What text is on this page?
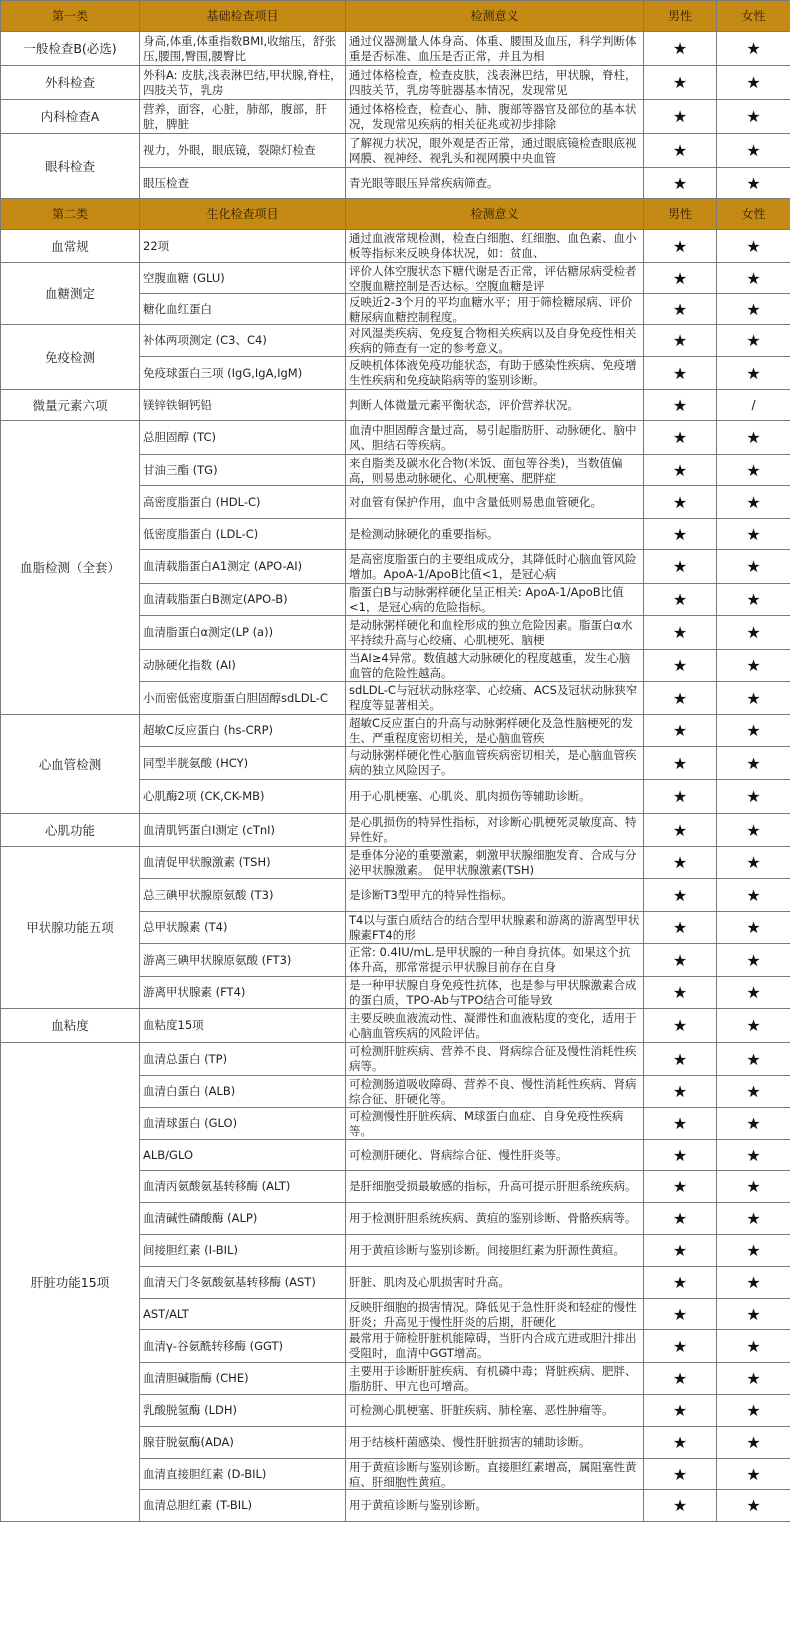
第一类	基础检查项目	检测意义	男性	女性
一般检查B(必选)	身高,体重,体重指数BMI,收缩压，舒张压,腰围,臀围,腰臀比	通过仪器测量人体身高、体重、腰围及血压，科学判断体重是否标准、血压是否正常，并且为相	★	★
外科检查	外科A: 皮肤,浅表淋巴结,甲状腺,脊柱，四肢关节，乳房	通过体格检查，检查皮肤，浅表淋巴结，甲状腺，脊柱，四肢关节，乳房等脏器基本情况，发现常见	★	★
内科检查A	营养，面容，心脏，肺部，腹部，肝脏，脾脏	通过体格检查，检查心、肺、腹部等器官及部位的基本状况，发现常见疾病的相关征兆或初步排除	★	★
眼科检查	视力，外眼，眼底镜，裂隙灯检查	了解视力状况，眼外观是否正常，通过眼底镜检查眼底视网膜、视神经、视乳头和视网膜中央血管	★	★

	眼压检查	青光眼等眼压异常疾病筛查。	★	★
第二类	生化检查项目	检测意义	男性	女性
血常规	22项	通过血液常规检测，检查白细胞、红细胞、血色素、血小板等指标来反映身体状况，如：贫血、	★	★
血糖测定	空腹血糖 (GLU)	评价人体空腹状态下糖代谢是否正常，评估糖尿病受检者空腹血糖控制是否达标。空腹血糖是评	★	★

	糖化血红蛋白	反映近2-3个月的平均血糖水平；用于筛检糖尿病、评价糖尿病血糖控制程度。	★	★
免疫检测	补体两项测定 (C3、C4)	对风湿类疾病、免疫复合物相关疾病以及自身免疫性相关疾病的筛查有一定的参考意义。	★	★

	免疫球蛋白三项 (IgG,IgA,IgM)	反映机体体液免疫功能状态，有助于感染性疾病、免疫增生性疾病和免疫缺陷病等的鉴别诊断。	★	★
微量元素六项	镁锌铁铜钙铅	判断人体微量元素平衡状态，评价营养状况。	★	/
血脂检测（全套）	总胆固醇 (TC)	血清中胆固醇含量过高，易引起脂肪肝、动脉硬化、脑中风、胆结石等疾病。	★	★

	甘油三酯 (TG)	来自脂类及碳水化合物(米饭、面包等谷类)，当数值偏高，则易患动脉硬化、心肌梗塞、肥胖症	★	★

	高密度脂蛋白 (HDL-C)	对血管有保护作用，血中含量低则易患血管硬化。	★	★

	低密度脂蛋白 (LDL-C)	是检测动脉硬化的重要指标。	★	★

	血清载脂蛋白A1测定 (APO-AI)	是高密度脂蛋白的主要组成成分，其降低时心脑血管风险增加。ApoA-1/ApoB比值<1，是冠心病	★	★

	血清载脂蛋白B测定(APO-B)	脂蛋白B与动脉粥样硬化呈正相关: ApoA-1/ApoB比值<1，是冠心病的危险指标。	★	★

	血清脂蛋白α测定(LP (a))	是动脉粥样硬化和血栓形成的独立危险因素。脂蛋白α水平持续升高与心绞痛、心肌梗死、脑梗	★	★

	动脉硬化指数 (AI)	当AI≥4异常。数值越大动脉硬化的程度越重，发生心脑血管的危险性越高。	★	★

	小而密低密度脂蛋白胆固醇sdLDL-C	sdLDL-C与冠状动脉痉挛、心绞痛、ACS及冠状动脉狭窄程度等显著相关。	★	★
心血管检测	超敏C反应蛋白 (hs-CRP)	超敏C反应蛋白的升高与动脉粥样硬化及急性脑梗死的发生、严重程度密切相关，是心脑血管疾	★	★

	同型半胱氨酸 (HCY)	与动脉粥样硬化性心脑血管疾病密切相关，是心脑血管疾病的独立风险因子。	★	★

	心肌酶2项 (CK,CK-MB)	用于心肌梗塞、心肌炎、肌肉损伤等辅助诊断。	★	★
心肌功能	血清肌钙蛋白I测定 (cTnI)	是心肌损伤的特异性指标，对诊断心肌梗死灵敏度高、特异性好。	★	★
甲状腺功能五项	血清促甲状腺激素 (TSH)	是垂体分泌的重要激素，刺激甲状腺细胞发育、合成与分泌甲状腺激素。 促甲状腺激素(TSH)	★	★

	总三碘甲状腺原氨酸 (T3)	是诊断T3型甲亢的特异性指标。	★	★

	总甲状腺素 (T4)	T4以与蛋白质结合的结合型甲状腺素和游离的游离型甲状腺素FT4的形	★	★

	游离三碘甲状腺原氨酸 (FT3)	正常: 0.4IU/mL.是甲状腺的一种自身抗体。如果这个抗体升高，那常常提示甲状腺目前存在自身	★	★

	游离甲状腺素 (FT4)	是一种甲状腺自身免疫性抗体，也是参与甲状腺激素合成的蛋白质，TPO-Ab与TPO结合可能导致	★	★
血粘度	血粘度15项	主要反映血液流动性、凝滞性和血液粘度的变化，适用于心脑血管疾病的风险评估。	★	★
肝脏功能15项	血清总蛋白 (TP)	可检测肝脏疾病、营养不良、肾病综合征及慢性消耗性疾病等。	★	★

	血清白蛋白 (ALB)	可检测肠道吸收障碍、营养不良、慢性消耗性疾病、肾病综合征、肝硬化等。	★	★

	血清球蛋白 (GLO)	可检测慢性肝脏疾病、M球蛋白血症、自身免疫性疾病等。	★	★

	ALB/GLO	可检测肝硬化、肾病综合征、慢性肝炎等。	★	★

	血清丙氨酸氨基转移酶 (ALT)	是肝细胞受损最敏感的指标，升高可提示肝胆系统疾病。	★	★

	血清碱性磷酸酶 (ALP)	用于检测肝胆系统疾病、黄疸的鉴别诊断、骨骼疾病等。	★	★

	间接胆红素 (I-BIL)	用于黄疸诊断与鉴别诊断。间接胆红素为肝源性黄疸。	★	★

	血清天门冬氨酸氨基转移酶 (AST)	肝脏、肌肉及心肌损害时升高。	★	★

	AST/ALT	反映肝细胞的损害情况。降低见于急性肝炎和轻症的慢性肝炎；升高见于慢性肝炎的后期，肝硬化	★	★

	血清γ-谷氨酰转移酶 (GGT)	最常用于筛检肝脏机能障碍，当肝内合成亢进或胆汁排出受阻时，血清中GGT增高。	★	★

	血清胆碱脂酶 (CHE)	主要用于诊断肝脏疾病、有机磷中毒；肾脏疾病、肥胖、脂肪肝、甲亢也可增高。	★	★

	乳酸脱氢酶 (LDH)	可检测心肌梗塞、肝脏疾病、肺栓塞、恶性肿瘤等。	★	★

	腺苷脱氨酶(ADA)	用于结核杆菌感染、慢性肝脏损害的辅助诊断。	★	★

	血清直接胆红素 (D-BIL)	用于黄疸诊断与鉴别诊断。直接胆红素增高，属阻塞性黄疸、肝细胞性黄疸。	★	★

	血清总胆红素 (T-BIL)	用于黄疸诊断与鉴别诊断。	★	★
